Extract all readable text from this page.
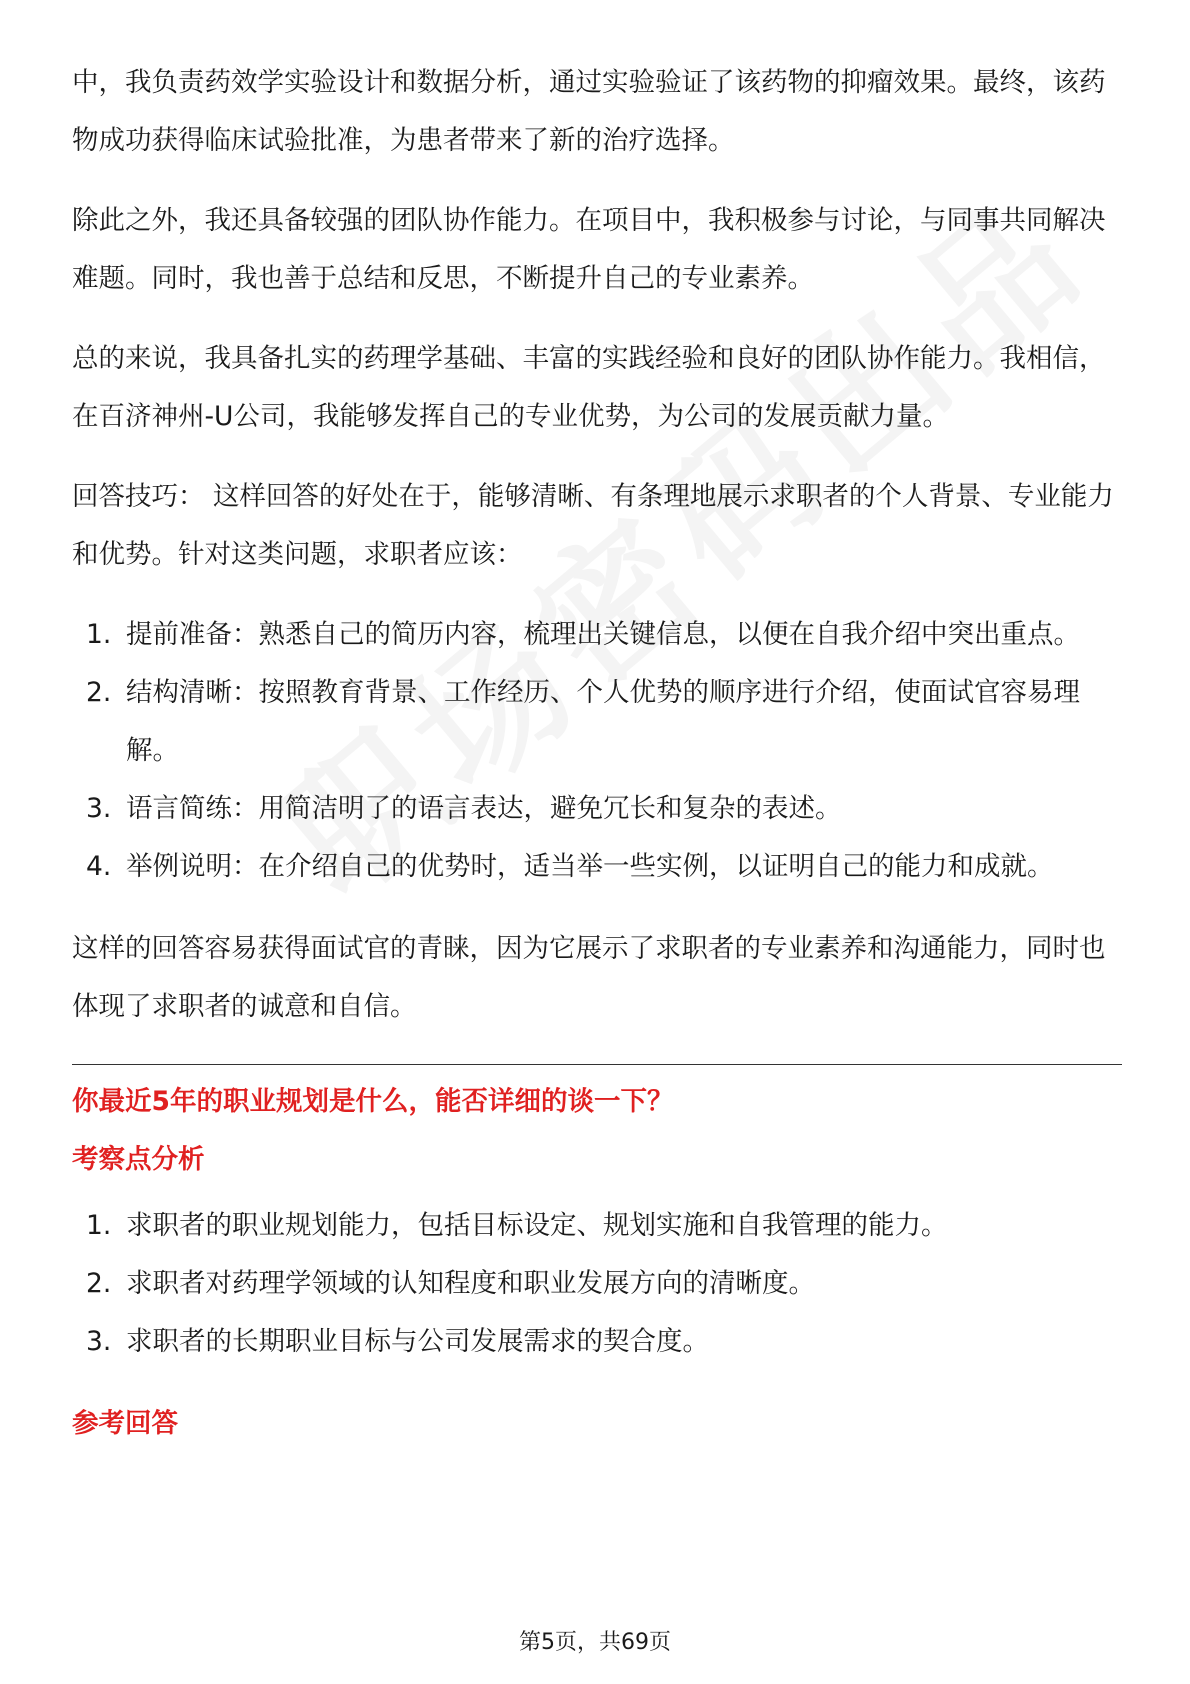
中，我负责药效学实验设计和数据分析，通过实验验证了该药物的抑瘤效果。最终，该药物成功获得临床试验批准，为患者带来了新的治疗选择。

除此之外，我还具备较强的团队协作能力。在项目中，我积极参与讨论，与同事共同解决难题。同时，我也善于总结和反思，不断提升自己的专业素养。

总的来说，我具备扎实的药理学基础、丰富的实践经验和良好的团队协作能力。我相信，在百济神州-U公司，我能够发挥自己的专业优势，为公司的发展贡献力量。

回答技巧： 这样回答的好处在于，能够清晰、有条理地展示求职者的个人背景、专业能力和优势。针对这类问题，求职者应该：

1. 提前准备：熟悉自己的简历内容，梳理出关键信息，以便在自我介绍中突出重点。
2. 结构清晰：按照教育背景、工作经历、个人优势的顺序进行介绍，使面试官容易理解。
3. 语言简练：用简洁明了的语言表达，避免冗长和复杂的表述。
4. 举例说明：在介绍自己的优势时，适当举一些实例，以证明自己的能力和成就。

这样的回答容易获得面试官的青睐，因为它展示了求职者的专业素养和沟通能力，同时也体现了求职者的诚意和自信。

你最近5年的职业规划是什么，能否详细的谈一下？

考察点分析

1. 求职者的职业规划能力，包括目标设定、规划实施和自我管理的能力。
2. 求职者对药理学领域的认知程度和职业发展方向的清晰度。
3. 求职者的长期职业目标与公司发展需求的契合度。

参考回答

第5页，共69页
